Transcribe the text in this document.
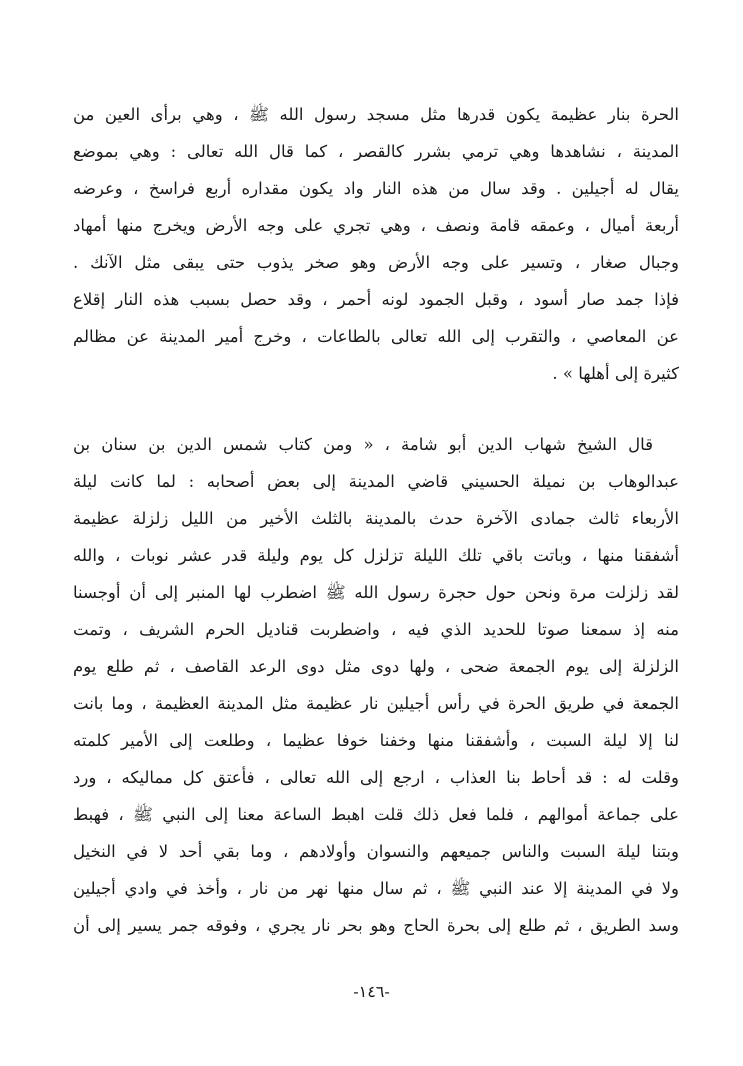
الحرة بنار عظيمة يكون قدرها مثل مسجد رسول الله ﷺ ، وهي برأى العين من
المدينة ، نشاهدها وهي ترمي بشرر كالقصر ، كما قال الله تعالى : وهي بموضع
يقال له أجيلين . وقد سال من هذه النار واد يكون مقداره أربع فراسخ ، وعرضه
أربعة أميال ، وعمقه قامة ونصف ، وهي تجري على وجه الأرض ويخرج منها أمهاد
وجبال صغار ، وتسير على وجه الأرض وهو صخر يذوب حتى يبقى مثل الآنك .
فإذا جمد صار أسود ، وقبل الجمود لونه أحمر ، وقد حصل بسبب هذه النار إقلاع
عن المعاصي ، والتقرب إلى الله تعالى بالطاعات ، وخرج أمير المدينة عن مظالم
كثيرة إلى أهلها » .
قال الشيخ شهاب الدين أبو شامة ، « ومن كتاب شمس الدين بن سنان بن
عبدالوهاب بن نميلة الحسيني قاضي المدينة إلى بعض أصحابه : لما كانت ليلة
الأربعاء ثالث جمادى الآخرة حدث بالمدينة بالثلث الأخير من الليل زلزلة عظيمة
أشفقنا منها ، وباتت باقي تلك الليلة تزلزل كل يوم وليلة قدر عشر نوبات ، والله
لقد زلزلت مرة ونحن حول حجرة رسول الله ﷺ اضطرب لها المنبر إلى أن أوجسنا
منه إذ سمعنا صوتا للحديد الذي فيه ، واضطربت قناديل الحرم الشريف ، وتمت
الزلزلة إلى يوم الجمعة ضحى ، ولها دوى مثل دوى الرعد القاصف ، ثم طلع يوم
الجمعة في طريق الحرة في رأس أجيلين نار عظيمة مثل المدينة العظيمة ، وما بانت
لنا إلا ليلة السبت ، وأشفقنا منها وخفنا خوفا عظيما ، وطلعت إلى الأمير كلمته
وقلت له : قد أحاط بنا العذاب ، ارجع إلى الله تعالى ، فأعتق كل مماليكه ، ورد
على جماعة أموالهم ، فلما فعل ذلك قلت اهبط الساعة معنا إلى النبي ﷺ ، فهبط
وبتنا ليلة السبت والناس جميعهم والنسوان وأولادهم ، وما بقي أحد لا في النخيل
ولا في المدينة إلا عند النبي ﷺ ، ثم سال منها نهر من نار ، وأخذ في وادي أجيلين
وسد الطريق ، ثم طلع إلى بحرة الحاج وهو بحر نار يجري ، وفوقه جمر يسير إلى أن
-١٤٦-
